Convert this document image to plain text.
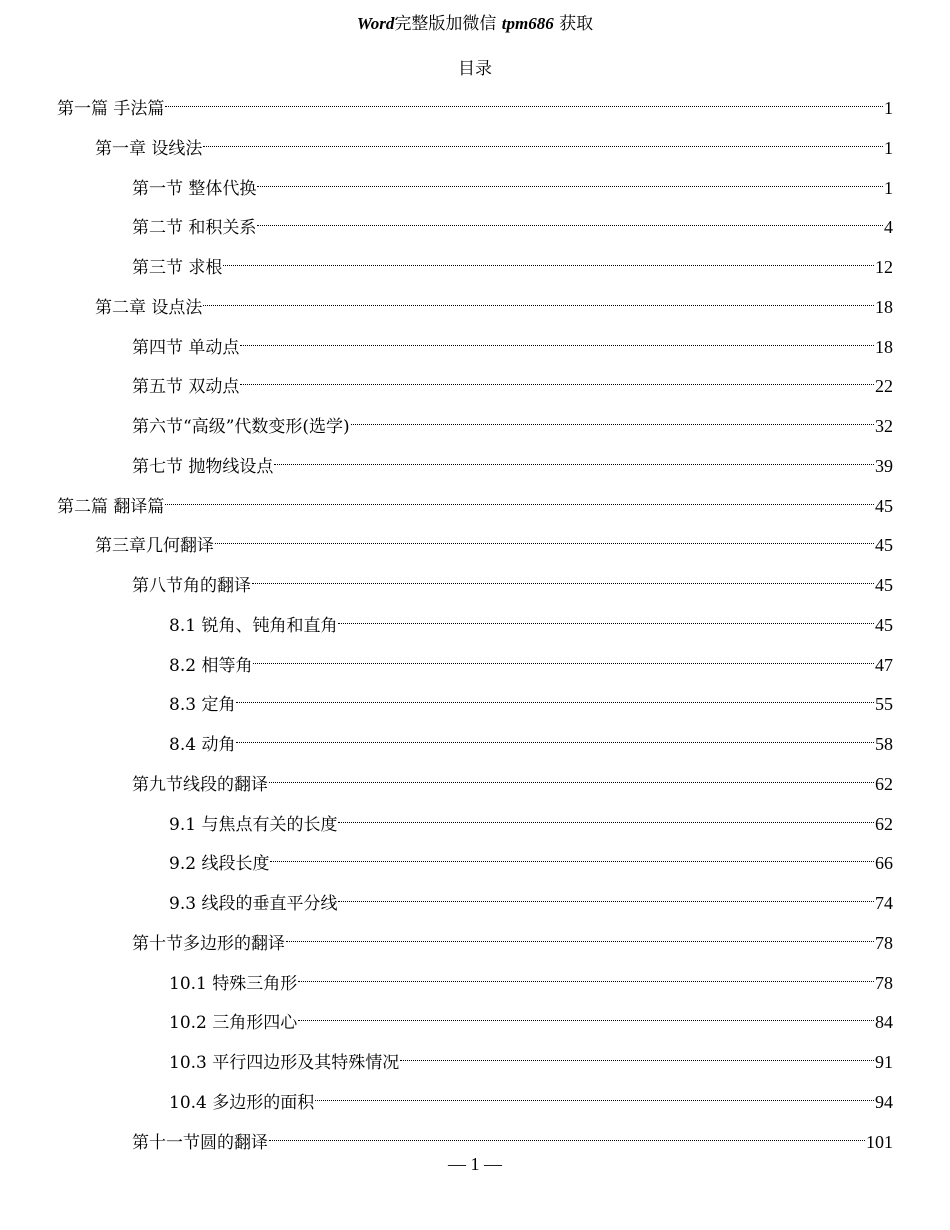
Word完整版加微信 tpm686 获取
目录
第一篇 手法篇	1
第一章 设线法	1
第一节 整体代换	1
第二节 和积关系	4
第三节 求根	12
第二章 设点法	18
第四节 单动点	18
第五节 双动点	22
第六节“高级”代数变形(选学)	32
第七节 抛物线设点	39
第二篇 翻译篇	45
第三章几何翻译	45
第八节角的翻译	45
8.1 锐角、钝角和直角	45
8.2 相等角	47
8.3 定角	55
8.4 动角	58
第九节线段的翻译	62
9.1 与焦点有关的长度	62
9.2 线段长度	66
9.3 线段的垂直平分线	74
第十节多边形的翻译	78
10.1 特殊三角形	78
10.2 三角形四心	84
10.3 平行四边形及其特殊情况	91
10.4 多边形的面积	94
第十一节圆的翻译	101
— 1 —
